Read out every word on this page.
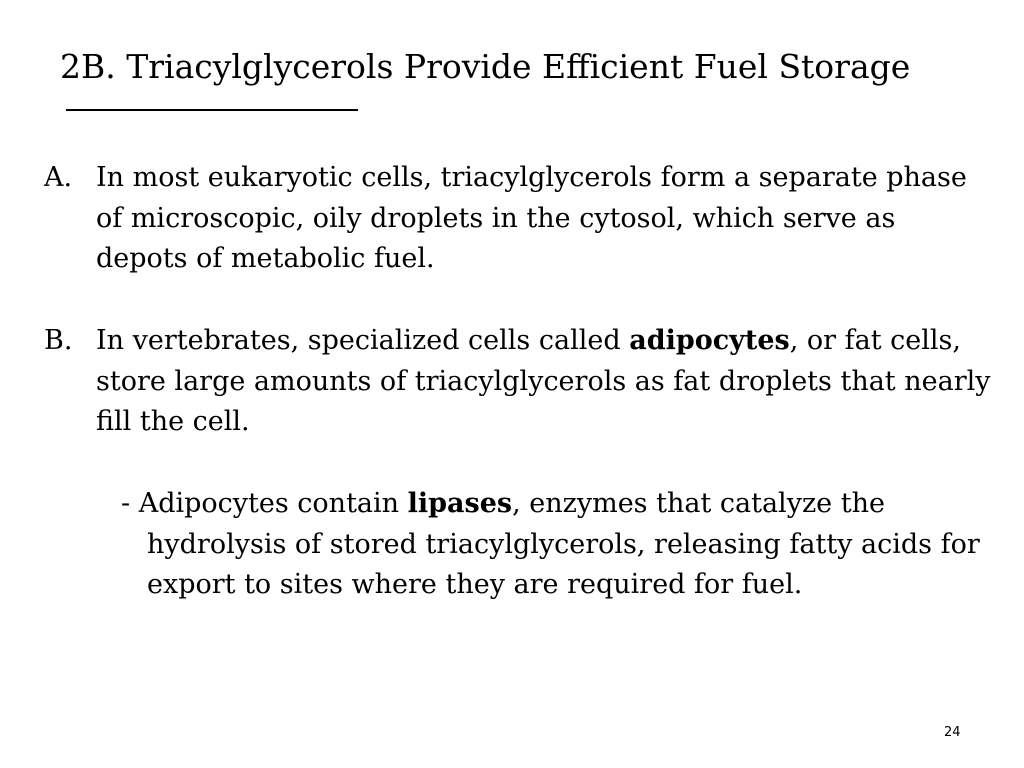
2B. Triacylglycerols Provide Efficient Fuel Storage
A. In most eukaryotic cells, triacylglycerols form a separate phase of microscopic, oily droplets in the cytosol, which serve as depots of metabolic fuel.
B. In vertebrates, specialized cells called adipocytes, or fat cells, store large amounts of triacylglycerols as fat droplets that nearly fill the cell.
- Adipocytes contain lipases, enzymes that catalyze the hydrolysis of stored triacylglycerols, releasing fatty acids for export to sites where they are required for fuel.
24
